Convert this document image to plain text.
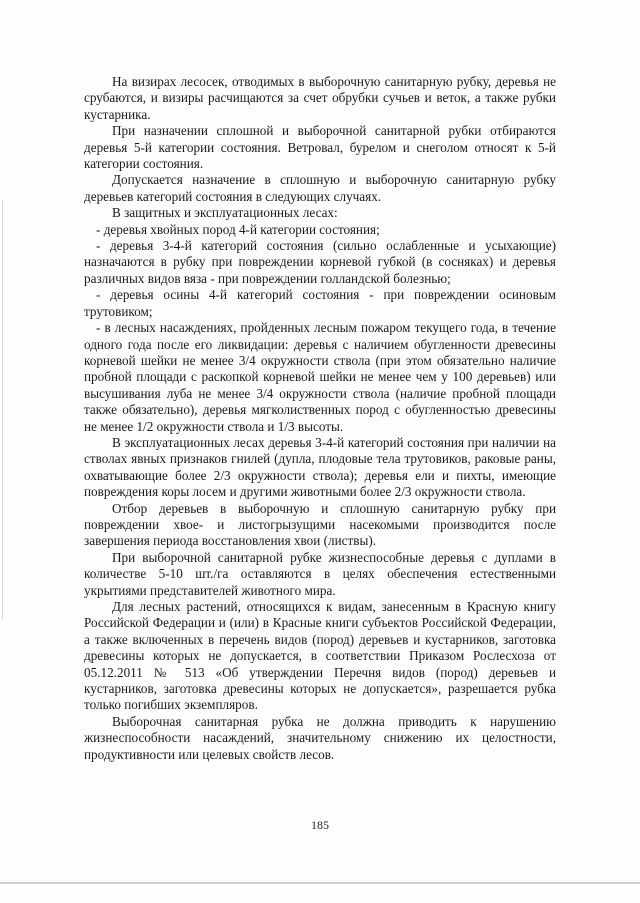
На визирах лесосек, отводимых в выборочную санитарную рубку, деревья не срубаются, и визиры расчищаются за счет обрубки сучьев и веток, а также рубки кустарника.

При назначении сплошной и выборочной санитарной рубки отбираются деревья 5-й категории состояния. Ветровал, бурелом и снеголом относят к 5-й категории состояния.

Допускается назначение в сплошную и выборочную санитарную рубку деревьев категорий состояния в следующих случаях.

В защитных и эксплуатационных лесах:

- деревья хвойных пород 4-й категории состояния;

- деревья 3-4-й категорий состояния (сильно ослабленные и усыхающие) назначаются в рубку при повреждении корневой губкой (в сосняках) и деревья различных видов вяза - при повреждении голландской болезнью;

- деревья осины 4-й категорий состояния - при повреждении осиновым трутовиком;

- в лесных насаждениях, пройденных лесным пожаром текущего года, в течение одного года после его ликвидации: деревья с наличием обугленности древесины корневой шейки не менее 3/4 окружности ствола (при этом обязательно наличие пробной площади с раскопкой корневой шейки не менее чем у 100 деревьев) или высушивания луба не менее 3/4 окружности ствола (наличие пробной площади также обязательно), деревья мягколиственных пород с обугленностью древесины не менее 1/2 окружности ствола и 1/3 высоты.

В эксплуатационных лесах деревья 3-4-й категорий состояния при наличии на стволах явных признаков гнилей (дупла, плодовые тела трутовиков, раковые раны, охватывающие более 2/3 окружности ствола); деревья ели и пихты, имеющие повреждения коры лосем и другими животными более 2/3 окружности ствола.

Отбор деревьев в выборочную и сплошную санитарную рубку при повреждении хвое- и листогрызущими насекомыми производится после завершения периода восстановления хвои (листвы).

При выборочной санитарной рубке жизнеспособные деревья с дуплами в количестве 5-10 шт./га оставляются в целях обеспечения естественными укрытиями представителей животного мира.

Для лесных растений, относящихся к видам, занесенным в Красную книгу Российской Федерации и (или) в Красные книги субъектов Российской Федерации, а также включенных в перечень видов (пород) деревьев и кустарников, заготовка древесины которых не допускается, в соответствии Приказом Рослесхоза от 05.12.2011 № 513 «Об утверждении Перечня видов (пород) деревьев и кустарников, заготовка древесины которых не допускается», разрешается рубка только погибших экземпляров.

Выборочная санитарная рубка не должна приводить к нарушению жизнеспособности насаждений, значительному снижению их целостности, продуктивности или целевых свойств лесов.

185
